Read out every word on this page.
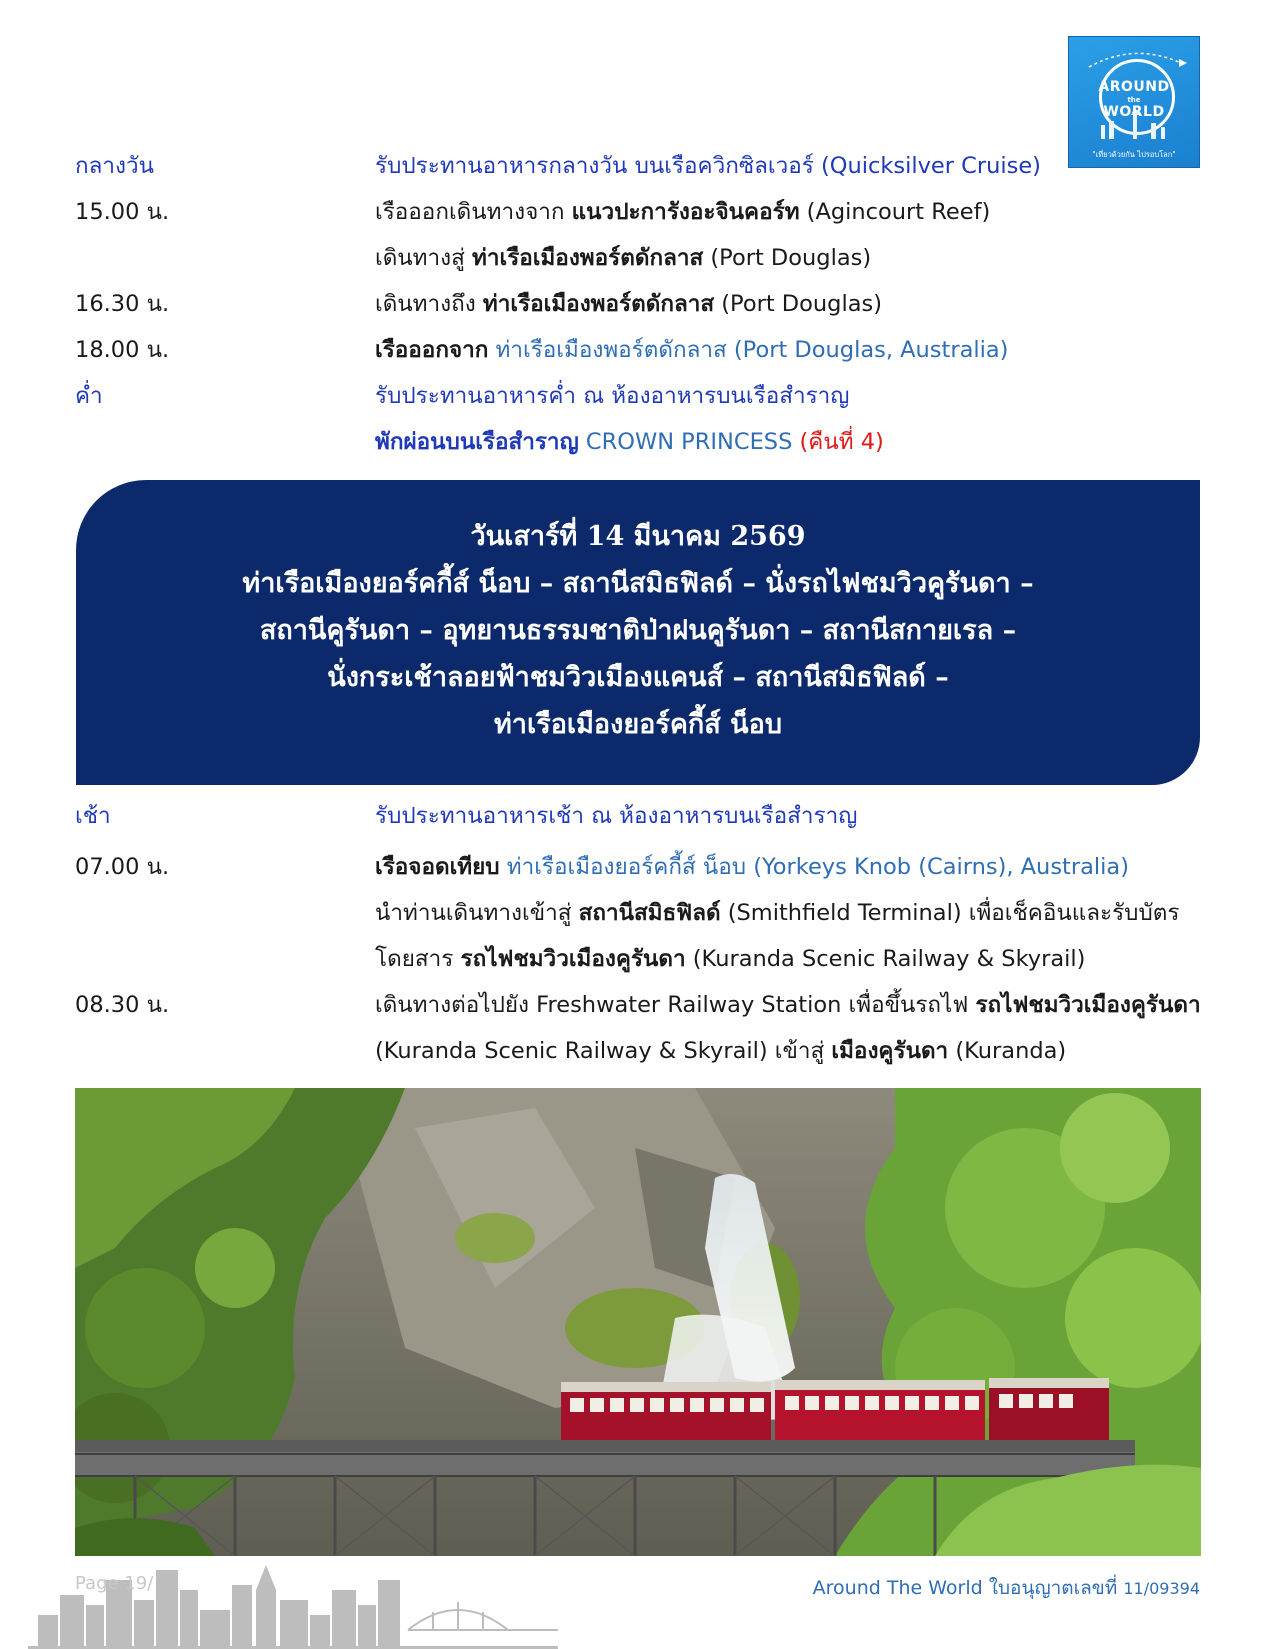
AROUND
the
WORLD
"เที่ยวด้วยกัน ไปรอบโลก"
กลางวัน	รับประทานอาหารกลางวัน บนเรือควิกซิลเวอร์ (Quicksilver Cruise)
15.00 น.	เรือออกเดินทางจาก แนวปะการังอะจินคอร์ท (Agincourt Reef)
เดินทางสู่ ท่าเรือเมืองพอร์ตดักลาส (Port Douglas)
16.30 น.	เดินทางถึง ท่าเรือเมืองพอร์ตดักลาส (Port Douglas)
18.00 น.	เรือออกจาก ท่าเรือเมืองพอร์ตดักลาส (Port Douglas, Australia)
ค่ำ	รับประทานอาหารค่ำ ณ ห้องอาหารบนเรือสำราญ
พักผ่อนบนเรือสำราญ CROWN PRINCESS (คืนที่ 4)
วันเสาร์ที่ 14 มีนาคม 2569
ท่าเรือเมืองยอร์คกี้ส์ น็อบ – สถานีสมิธฟิลด์ – นั่งรถไฟชมวิวคูรันดา –
สถานีคูรันดา – อุทยานธรรมชาติป่าฝนคูรันดา – สถานีสกายเรล –
นั่งกระเช้าลอยฟ้าชมวิวเมืองแคนส์ – สถานีสมิธฟิลด์ –
ท่าเรือเมืองยอร์คกี้ส์ น็อบ
เช้า	รับประทานอาหารเช้า ณ ห้องอาหารบนเรือสำราญ
07.00 น.	เรือจอดเทียบ ท่าเรือเมืองยอร์คกี้ส์ น็อบ (Yorkeys Knob (Cairns), Australia)
นำท่านเดินทางเข้าสู่ สถานีสมิธฟิลด์ (Smithfield Terminal) เพื่อเช็คอินและรับบัตร
โดยสาร รถไฟชมวิวเมืองคูรันดา (Kuranda Scenic Railway & Skyrail)
08.30 น.	เดินทางต่อไปยัง Freshwater Railway Station เพื่อขึ้นรถไฟ รถไฟชมวิวเมืองคูรันดา
(Kuranda Scenic Railway & Skyrail) เข้าสู่ เมืองคูรันดา (Kuranda)
Page 19/	Around The World ใบอนุญาตเลขที่ 11/09394
